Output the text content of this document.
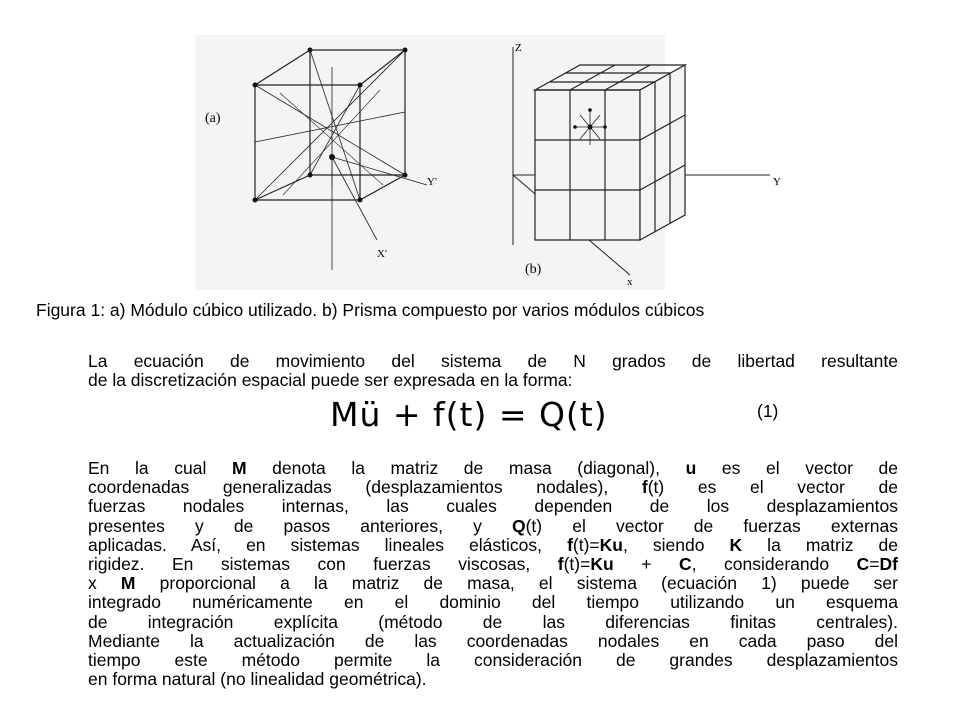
(a)
Y'
X'
Z
Y
x
(b)
Figura 1: a) Módulo cúbico utilizado. b) Prisma compuesto por varios módulos cúbicos
La ecuación de movimiento del sistema de N grados de libertad resultante
de la discretización espacial puede ser expresada en la forma:
Mü + f(t) = Q(t)	(1)
En la cual M denota la matriz de masa (diagonal), u es el vector de
coordenadas generalizadas (desplazamientos nodales), f(t) es el vector de
fuerzas nodales internas, las cuales dependen de los desplazamientos
presentes y de pasos anteriores, y Q(t) el vector de fuerzas externas
aplicadas. Así, en sistemas lineales elásticos, f(t)=Ku, siendo K la matriz de
rigidez. En sistemas con fuerzas viscosas, f(t)=Ku + C, considerando C=Df
x M proporcional a la matriz de masa, el sistema (ecuación 1) puede ser
integrado numéricamente en el dominio del tiempo utilizando un esquema
de integración explícita (método de las diferencias finitas centrales).
Mediante la actualización de las coordenadas nodales en cada paso del
tiempo este método permite la consideración de grandes desplazamientos
en forma natural (no linealidad geométrica).
